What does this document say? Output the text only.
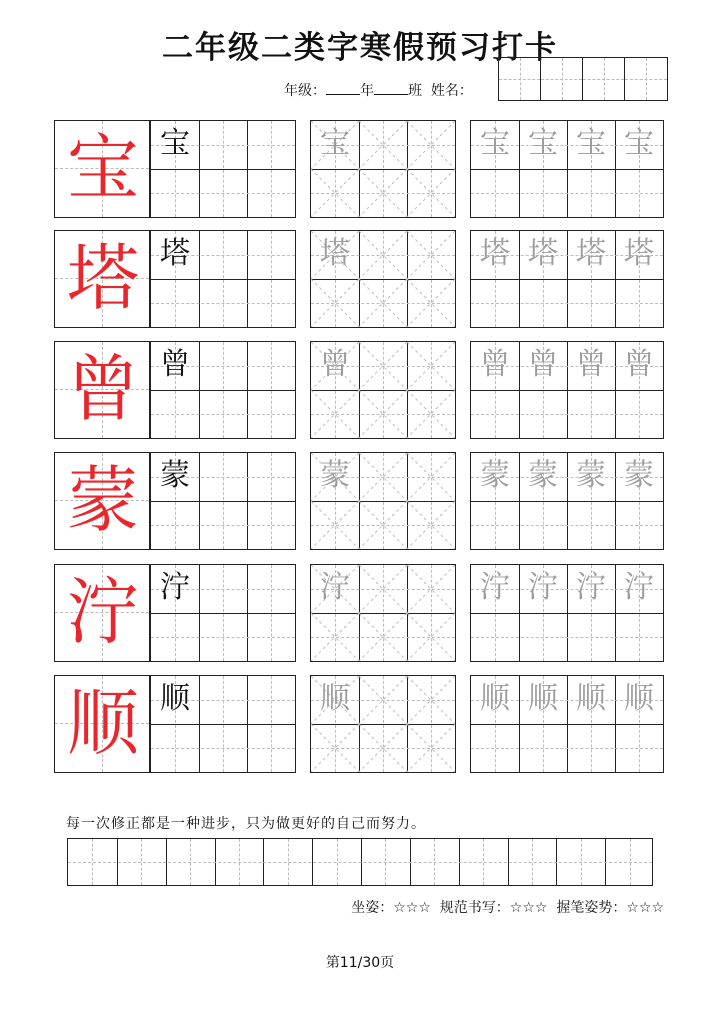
二年级二类字寒假预习打卡
年级： 年 班 姓名：
宝 宝	宝	宝 宝 宝 宝
塔 塔	塔	塔 塔 塔 塔
曾 曾	曾	曾 曾 曾 曾
蒙 蒙	蒙	蒙 蒙 蒙 蒙
泞 泞	泞	泞 泞 泞 泞
顺 顺	顺	顺 顺 顺 顺
每一次修正都是一种进步，只为做更好的自己而努力。
坐姿：☆☆☆ 规范书写：☆☆☆ 握笔姿势：☆☆☆
第11/30页
